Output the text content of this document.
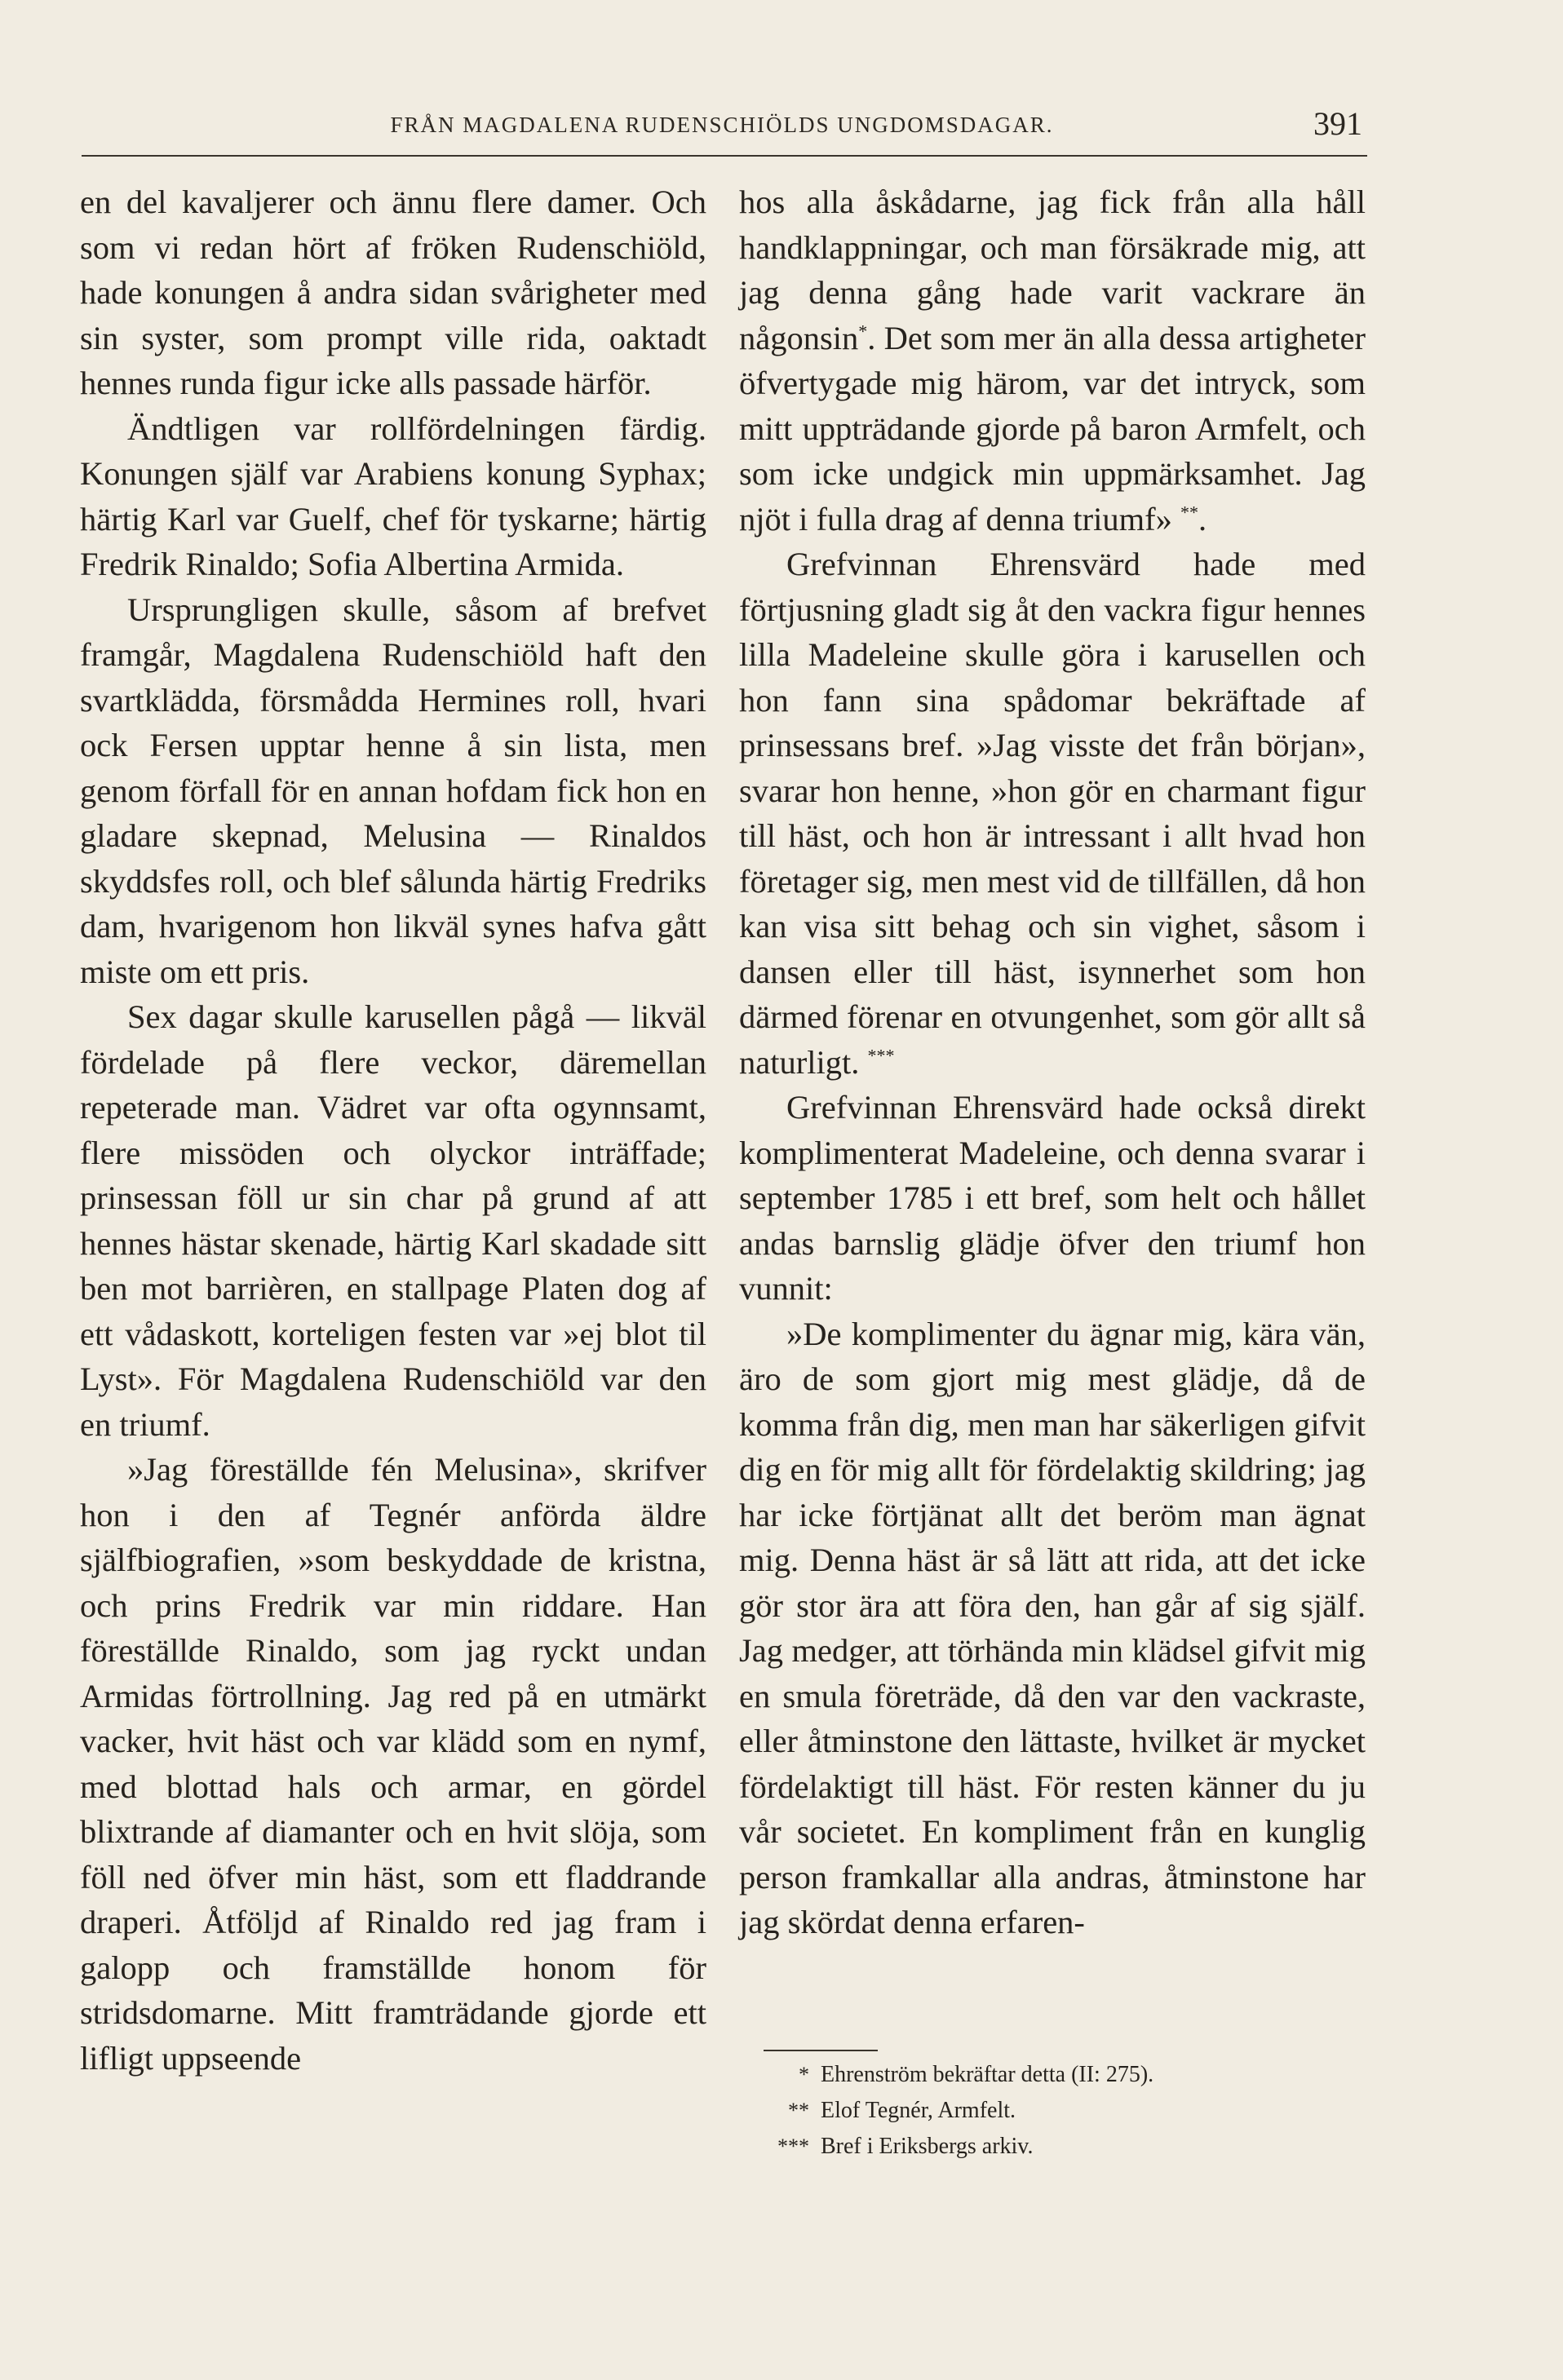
FRÅN MAGDALENA RUDENSCHIÖLDS UNGDOMSDAGAR.	391

en del kavaljerer och ännu flere damer. Och som vi redan hört af fröken Rudenschiöld, hade konungen å andra sidan svårigheter med sin syster, som prompt ville rida, oaktadt hennes runda figur icke alls passade härför.

Ändtligen var rollfördelningen färdig. Konungen själf var Arabiens konung Syphax; härtig Karl var Guelf, chef för tyskarne; härtig Fredrik Rinaldo; Sofia Albertina Armida.

Ursprungligen skulle, såsom af brefvet framgår, Magdalena Rudenschiöld haft den svartklädda, försmådda Hermines roll, hvari ock Fersen upptar henne å sin lista, men genom förfall för en annan hofdam fick hon en gladare skepnad, Melusina — Rinaldos skyddsfes roll, och blef sålunda härtig Fredriks dam, hvarigenom hon likväl synes hafva gått miste om ett pris.

Sex dagar skulle karusellen pågå — likväl fördelade på flere veckor, däremellan repeterade man. Vädret var ofta ogynnsamt, flere missöden och olyckor inträffade; prinsessan föll ur sin char på grund af att hennes hästar skenade, härtig Karl skadade sitt ben mot barrièren, en stallpage Platen dog af ett vådaskott, korteligen festen var »ej blot til Lyst». För Magdalena Rudenschiöld var den en triumf.

»Jag föreställde fén Melusina», skrifver hon i den af Tegnér anförda äldre själfbiografien, »som beskyddade de kristna, och prins Fredrik var min riddare. Han föreställde Rinaldo, som jag ryckt undan Armidas förtrollning. Jag red på en utmärkt vacker, hvit häst och var klädd som en nymf, med blottad hals och armar, en gördel blixtrande af diamanter och en hvit slöja, som föll ned öfver min häst, som ett fladdrande draperi. Åtföljd af Rinaldo red jag fram i galopp och framställde honom för stridsdomarne. Mitt framträdande gjorde ett lifligt uppseende

hos alla åskådarne, jag fick från alla håll handklappningar, och man försäkrade mig, att jag denna gång hade varit vackrare än någonsin*. Det som mer än alla dessa artigheter öfvertygade mig härom, var det intryck, som mitt uppträdande gjorde på baron Armfelt, och som icke undgick min uppmärksamhet. Jag njöt i fulla drag af denna triumf» **.

Grefvinnan Ehrensvärd hade med förtjusning gladt sig åt den vackra figur hennes lilla Madeleine skulle göra i karusellen och hon fann sina spådomar bekräftade af prinsessans bref. »Jag visste det från början», svarar hon henne, »hon gör en charmant figur till häst, och hon är intressant i allt hvad hon företager sig, men mest vid de tillfällen, då hon kan visa sitt behag och sin vighet, såsom i dansen eller till häst, isynnerhet som hon därmed förenar en otvungenhet, som gör allt så naturligt. ***

Grefvinnan Ehrensvärd hade också direkt komplimenterat Madeleine, och denna svarar i september 1785 i ett bref, som helt och hållet andas barnslig glädje öfver den triumf hon vunnit:

»De komplimenter du ägnar mig, kära vän, äro de som gjort mig mest glädje, då de komma från dig, men man har säkerligen gifvit dig en för mig allt för fördelaktig skildring; jag har icke förtjänat allt det beröm man ägnat mig. Denna häst är så lätt att rida, att det icke gör stor ära att föra den, han går af sig själf. Jag medger, att törhända min klädsel gifvit mig en smula företräde, då den var den vackraste, eller åtminstone den lättaste, hvilket är mycket fördelaktigt till häst. För resten känner du ju vår societet. En kompliment från en kunglig person framkallar alla andras, åtminstone har jag skördat denna erfaren-

* Ehrenström bekräftar detta (II: 275).

** Elof Tegnér, Armfelt.

*** Bref i Eriksbergs arkiv.
